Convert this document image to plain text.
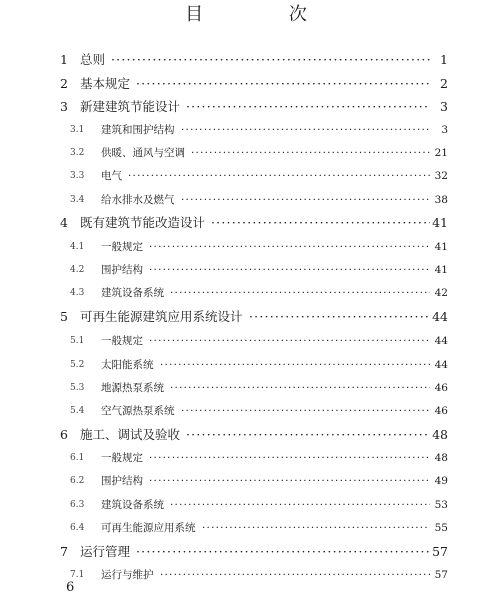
目 次
1 总则 ·····	1
2 基本规定 ·····	2
3 新建建筑节能设计 ·····	3
3.1 建筑和围护结构 ·····	3
3.2 供暖、通风与空调 ·····	21
3.3 电气 ·····	32
3.4 给水排水及燃气 ·····	38
4 既有建筑节能改造设计 ·····	41
4.1 一般规定 ·····	41
4.2 围护结构 ·····	41
4.3 建筑设备系统 ·····	42
5 可再生能源建筑应用系统设计 ·····	44
5.1 一般规定 ·····	44
5.2 太阳能系统 ·····	44
5.3 地源热泵系统 ·····	46
5.4 空气源热泵系统 ·····	46
6 施工、调试及验收 ·····	48
6.1 一般规定 ·····	48
6.2 围护结构 ·····	49
6.3 建筑设备系统 ·····	53
6.4 可再生能源应用系统 ·····	55
7 运行管理 ·····	57
7.1 运行与维护 ·····	57
6
